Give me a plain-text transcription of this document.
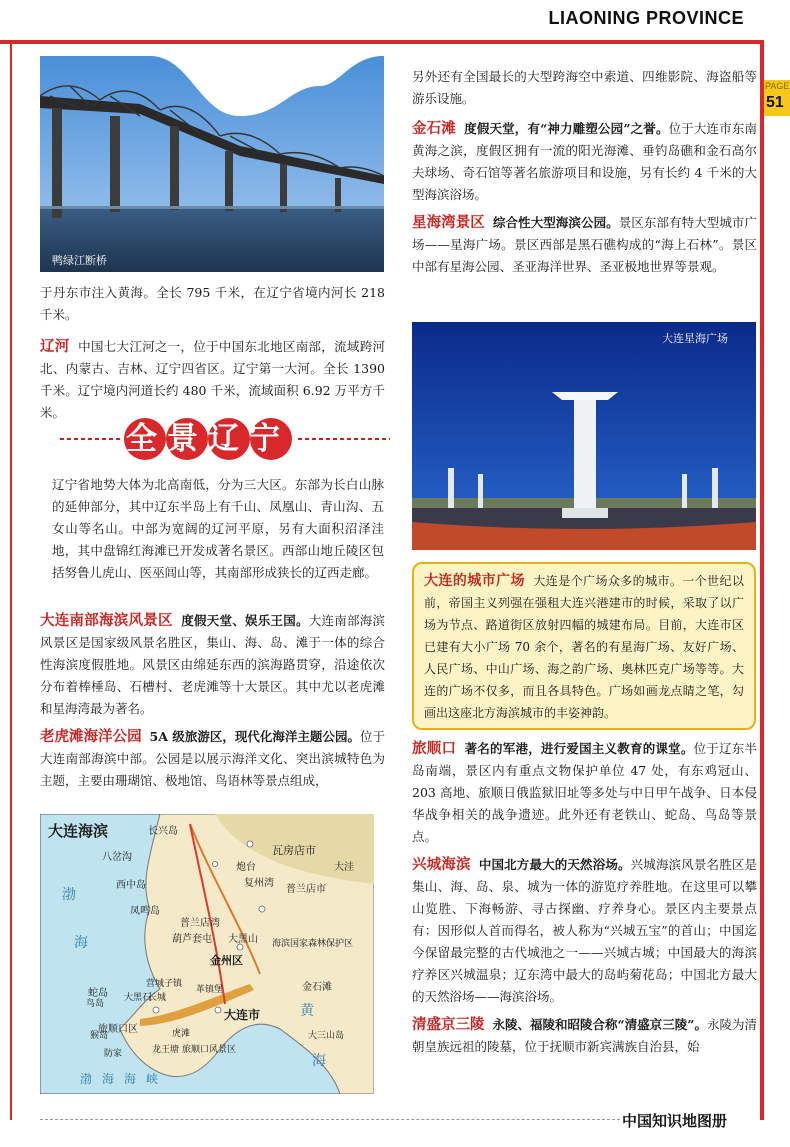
LIAONING PROVINCE
PAGE
51
中国知识地图册
鸭绿江断桥

于丹东市注入黄海。全长 795 千米，在辽宁省境内河长 218 千米。

辽河 中国七大江河之一，位于中国东北地区南部，流域跨河北、内蒙古、吉林、辽宁四省区。辽宁第一大河。全长 1390 千米。辽宁境内河道长约 480 千米，流域面积 6.92 万平方千米。

全景辽宁
辽宁省地势大体为北高南低，分为三大区。东部为长白山脉的延伸部分，其中辽东半岛上有千山、凤凰山、青山沟、五女山等名山。中部为宽阔的辽河平原，另有大面积沼泽洼地，其中盘锦红海滩已开发成著名景区。西部山地丘陵区包括努鲁儿虎山、医巫闾山等，其南部形成狭长的辽西走廊。

大连南部海滨风景区 度假天堂、娱乐王国。大连南部海滨风景区是国家级风景名胜区，集山、海、岛、滩于一体的综合性海滨度假胜地。风景区由绵延东西的滨海路贯穿，沿途依次分布着棒棰岛、石槽村、老虎滩等十大景区。其中尤以老虎滩和星海湾最为著名。

老虎滩海洋公园 5A 级旅游区，现代化海洋主题公园。位于大连南部海滨中部。公园是以展示海洋文化、突出滨城特色为主题，主要由珊瑚馆、极地馆、鸟语林等景点组成，

大连海滨	长兴岛
八岔沟
瓦房店市
炮台	大洼
西中岛	普兰店市
复州湾
凤鸣岛
普兰店湾
葫芦套屯
金州区
大黑山 海滨国家森林保护区
金石滩
蛇岛
营城子镇
革镇堡
大黑石
长城
鸟岛
猴岛
旅顺口区
大连市
大三山岛
虎滩
龙王塘 旅顺口风景区
防家
渤
海
黄
海
渤海海峡

另外还有全国最长的大型跨海空中索道、四维影院、海盗船等游乐设施。

金石滩 度假天堂，有“神力雕塑公园”之誉。位于大连市东南黄海之滨，度假区拥有一流的阳光海滩、垂钓岛礁和金石高尔夫球场、奇石馆等著名旅游项目和设施，另有长约 4 千米的大型海滨浴场。

星海湾景区 综合性大型海滨公园。景区东部有特大型城市广场——星海广场。景区西部是黑石礁构成的“海上石林”。景区中部有星海公园、圣亚海洋世界、圣亚极地世界等景观。

大连星海广场
大连的城市广场 大连是个广场众多的城市。一个世纪以前，帝国主义列强在强租大连兴港建市的时候，采取了以广场为节点、路道街区放射四幅的城建布局。目前，大连市区已建有大小广场 70 余个，著名的有星海广场、友好广场、人民广场、中山广场、海之韵广场、奥林匹克广场等等。大连的广场不仅多，而且各具特色。广场如画龙点睛之笔，勾画出这座北方海滨城市的丰姿神韵。

旅顺口 著名的军港，进行爱国主义教育的课堂。位于辽东半岛南端，景区内有重点文物保护单位 47 处，有东鸡冠山、203 高地、旅顺日俄监狱旧址等多处与中日甲午战争、日本侵华战争相关的战争遗迹。此外还有老铁山、蛇岛、鸟岛等景点。

兴城海滨 中国北方最大的天然浴场。兴城海滨风景名胜区是集山、海、岛、泉、城为一体的游览疗养胜地。在这里可以攀山览胜、下海畅游、寻古探幽、疗养身心。景区内主要景点有：因形似人首而得名，被人称为“兴城五宝”的首山；中国迄今保留最完整的古代城池之一——兴城古城；中国最大的海滨疗养区兴城温泉；辽东湾中最大的岛屿菊花岛；中国北方最大的天然浴场——海滨浴场。

清盛京三陵 永陵、福陵和昭陵合称“清盛京三陵”。永陵为清朝皇族远祖的陵墓，位于抚顺市新宾满族自治县，始
